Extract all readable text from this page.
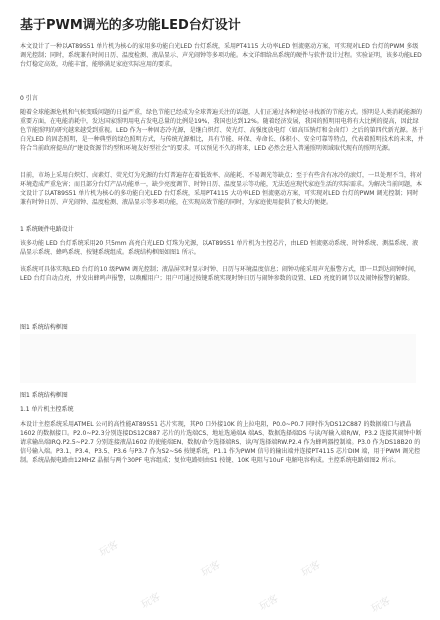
基于PWM调光的多功能LED台灯设计

本文设计了一种以AT89S51 单片机为核心的家用多功能白光LED 台灯系统，采用PT4115 大功率LED 恒流驱动方案，可实现对LED 台灯的PWM 多级调光控制；同时，系统兼有时间日历、温度检测、液晶显示、声光闹钟等多项功能。本文详细给出系统的硬件与软件设计过程。实验证明，该多功能LED台灯稳定高效，功能丰富，能够满足家庭实际应用的要求。

0 引言

随着全球能源危机和气候变暖问题的日益严重，绿色节能已经成为全球普遍关注的话题，人们正通过各种途径寻找新的节能方式。照明是人类消耗能源的重要方面，在电能消耗中，发达国家照明用电占发电总量的比例是19%，我国也达到12%。随着经济发展，我国的照明用电将有大比例的提高，因此绿色节能照明的研究越来越受到重视。LED 作为一种固态冷光源，是继白炽灯、荧光灯、高强度放电灯（如高压钠灯和金卤灯）之后的第四代新光源。基于白光LED 的固态照明，是一种典型的绿色照明方式，与传统光源相比，具有节能、环保、寿命长、体积小、安全可靠等特点，代表着照明技术的未来，并符合当前政府提出的“建设资源节约型和环境友好型社会”的要求。可以预见不久的将来，LED 必然会进入普通照明领域取代现有的照明光源。

目前，市场上采用白炽灯、卤素灯、荧光灯为光源的台灯普遍存在着低效率、高能耗、不易调光等缺点；至于有些含有冰冷的滚灯，一旦处理不当，将对环境造成严重危害；而且部分台灯产品功能单一，缺少亮度调节、时钟日历、温度显示等功能，无法适应现代家庭生活的实际需求。为解决当前问题，本文设计了以AT89S51 单片机为核心的多功能白光LED 台灯系统，采用PT4115 大功率LED 恒流驱动方案，可实现对LED 台灯的PWM 调光控制；同时兼有时钟日历、声光闹钟、温度检测、液晶显示等多项功能，在实现高效节能的同时，为家庭使用提供了极大的便捷。

1 系统硬件电路设计

该多功能 LED 台灯系统采用20 只5mm 高亮白光LED 灯珠为光源，以AT89S51 单片机为主控芯片，由LED 恒流驱动系统、时钟系统、测温系统、液晶显示系统、蜂鸣系统、按键系统组成。系统结构框图如图1 所示。

该系统可具体实现LED 台灯的10 级PWM 调光控制；液晶屏实时显示时钟、日历与环境温度信息；闹钟功能采用声光报警方式，即一旦到达闹钟时间，LED 台灯自动点亮，并发出蜂鸣声报警，以唤醒用户；用户可通过按键系统实现时钟日历与闹钟参数的设置、LED 亮度的调节以及闹钟报警的解除。

图1 系统结构框图

图1 系统结构框图

1.1 单片机主控系统

本设计主控系统采用ATMEL 公司的高性能AT89S51 芯片实现，其P0 口外接10K 的上拉电阻，P0.0~P0.7 同时作为DS12C887 的数据端口与液晶1602 的数据接口。P2.0~P2.3分别连接DS12C887 芯片的片选端CS、地址选通端A 端AS、数据选择端DS 与读/写输入端R/W，P3.2 连接其闹钟中断请求输出端IRQ.P2.5~P2.7 分别连接液晶1602 的使能端EN、数据/命令选择端RS、读/写选择端RW.P2.4 作为蜂鸣器控制端。P3.0 作为DS18B20 的信号输入端。P3.1、P3.4、P3.5、P3.6 与P3.7 作为S2~S6 按键系统，P1.1 作为PWM 信号的输出端并连接PT4115 芯片DIM 端，用于PWM 调光控制。系统晶振电路由12MHZ 晶振与两个30PF 电容组成；复位电路则由S1 按键、10K 电阻与10uF 电解电容构成。主控系统电路如图2 所示。

玩客
玩客	玩客
玩客	玩客	玩客
